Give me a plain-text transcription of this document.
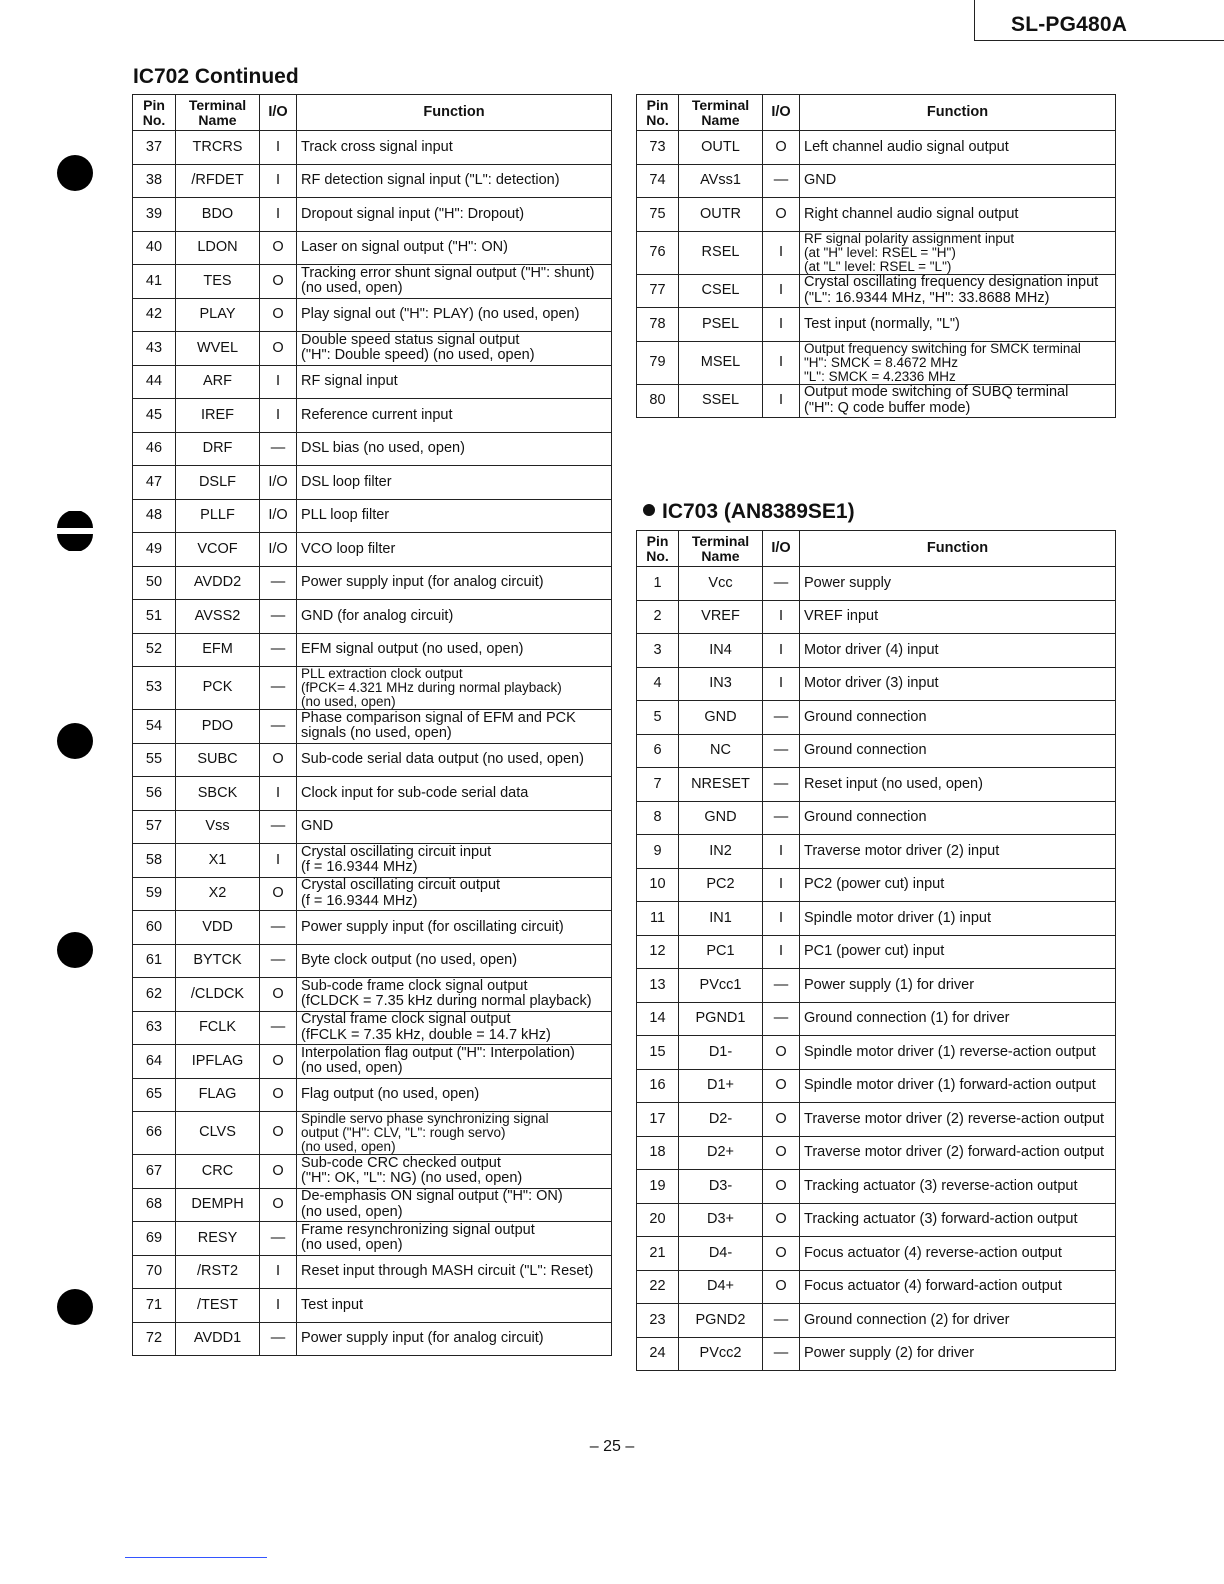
SL-PG480A
IC702 Continued
Pin No.	Terminal Name	I/O	Function
37	TRCRS	I	Track cross signal input
38	/RFDET	I	RF detection signal input ("L": detection)
39	BDO	I	Dropout signal input ("H": Dropout)
40	LDON	O	Laser on signal output ("H": ON)
41	TES	O	Tracking error shunt signal output ("H": shunt)
(no used, open)
42	PLAY	O	Play signal out ("H": PLAY) (no used, open)
43	WVEL	O	Double speed status signal output
("H": Double speed) (no used, open)
44	ARF	I	RF signal input
45	IREF	I	Reference current input
46	DRF	—	DSL bias (no used, open)
47	DSLF	I/O	DSL loop filter
48	PLLF	I/O	PLL loop filter
49	VCOF	I/O	VCO loop filter
50	AVDD2	—	Power supply input (for analog circuit)
51	AVSS2	—	GND (for analog circuit)
52	EFM	—	EFM signal output (no used, open)
53	PCK	—	PLL extraction clock output
(fPCK= 4.321 MHz during normal playback)
(no used, open)
54	PDO	—	Phase comparison signal of EFM and PCK
signals (no used, open)
55	SUBC	O	Sub-code serial data output (no used, open)
56	SBCK	I	Clock input for sub-code serial data
57	Vss	—	GND
58	X1	I	Crystal oscillating circuit input
(f = 16.9344 MHz)
59	X2	O	Crystal oscillating circuit output
(f = 16.9344 MHz)
60	VDD	—	Power supply input (for oscillating circuit)
61	BYTCK	—	Byte clock output (no used, open)
62	/CLDCK	O	Sub-code frame clock signal output
(fCLDCK = 7.35 kHz during normal playback)
63	FCLK	—	Crystal frame clock signal output
(fFCLK = 7.35 kHz, double = 14.7 kHz)
64	IPFLAG	O	Interpolation flag output ("H": Interpolation)
(no used, open)
65	FLAG	O	Flag output (no used, open)
66	CLVS	O	Spindle servo phase synchronizing signal
output ("H": CLV, "L": rough servo)
(no used, open)
67	CRC	O	Sub-code CRC checked output
("H": OK, "L": NG) (no used, open)
68	DEMPH	O	De-emphasis ON signal output ("H": ON)
(no used, open)
69	RESY	—	Frame resynchronizing signal output
(no used, open)
70	/RST2	I	Reset input through MASH circuit ("L": Reset)
71	/TEST	I	Test input
72	AVDD1	—	Power supply input (for analog circuit)
Pin No.	Terminal Name	I/O	Function
73	OUTL	O	Left channel audio signal output
74	AVss1	—	GND
75	OUTR	O	Right channel audio signal output
76	RSEL	I	RF signal polarity assignment input
(at "H" level: RSEL = "H")
(at "L" level: RSEL = "L")
77	CSEL	I	Crystal oscillating frequency designation input
("L": 16.9344 MHz, "H": 33.8688 MHz)
78	PSEL	I	Test input (normally, "L")
79	MSEL	I	Output frequency switching for SMCK terminal
"H": SMCK = 8.4672 MHz
"L": SMCK = 4.2336 MHz
80	SSEL	I	Output mode switching of SUBQ terminal
("H": Q code buffer mode)
IC703 (AN8389SE1)
Pin No.	Terminal Name	I/O	Function
1	Vcc	—	Power supply
2	VREF	I	VREF input
3	IN4	I	Motor driver (4) input
4	IN3	I	Motor driver (3) input
5	GND	—	Ground connection
6	NC	—	Ground connection
7	NRESET	—	Reset input (no used, open)
8	GND	—	Ground connection
9	IN2	I	Traverse motor driver (2) input
10	PC2	I	PC2 (power cut) input
11	IN1	I	Spindle motor driver (1) input
12	PC1	I	PC1 (power cut) input
13	PVcc1	—	Power supply (1) for driver
14	PGND1	—	Ground connection (1) for driver
15	D1-	O	Spindle motor driver (1) reverse-action output
16	D1+	O	Spindle motor driver (1) forward-action output
17	D2-	O	Traverse motor driver (2) reverse-action output
18	D2+	O	Traverse motor driver (2) forward-action output
19	D3-	O	Tracking actuator (3) reverse-action output
20	D3+	O	Tracking actuator (3) forward-action output
21	D4-	O	Focus actuator (4) reverse-action output
22	D4+	O	Focus actuator (4) forward-action output
23	PGND2	—	Ground connection (2) for driver
24	PVcc2	—	Power supply (2) for driver
– 25 –
